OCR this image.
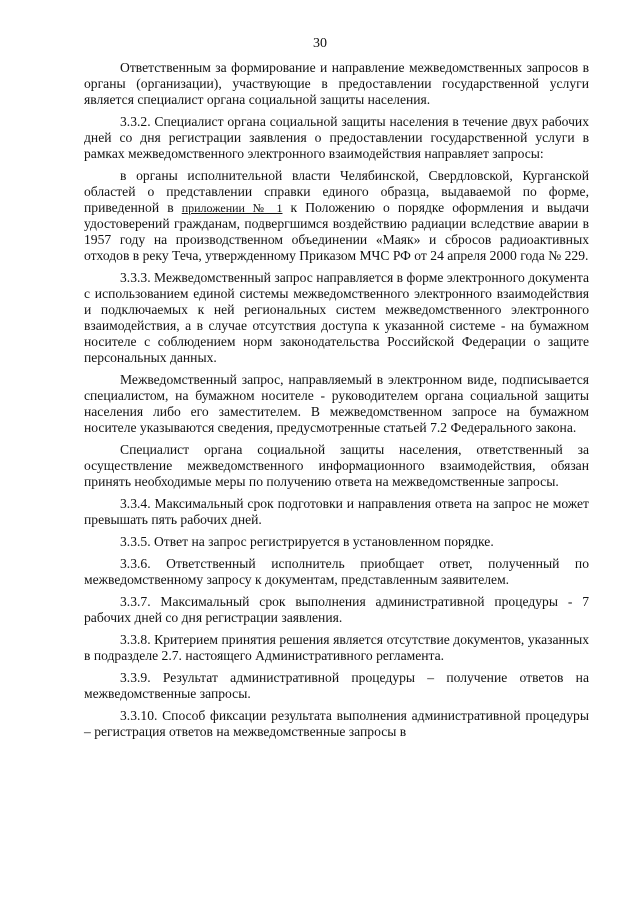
30

Ответственным за формирование и направление межведомственных запросов в органы (организации), участвующие в предоставлении государственной услуги является специалист органа социальной защиты населения.

3.3.2. Специалист органа социальной защиты населения в течение двух рабочих дней со дня регистрации заявления о предоставлении государственной услуги в рамках межведомственного электронного взаимодействия направляет запросы:

в органы исполнительной власти Челябинской, Свердловской, Курганской областей о представлении справки единого образца, выдаваемой по форме, приведенной в приложении № 1 к Положению о порядке оформления и выдачи удостоверений гражданам, подвергшимся воздействию радиации вследствие аварии в 1957 году на производственном объединении «Маяк» и сбросов радиоактивных отходов в реку Теча, утвержденному Приказом МЧС РФ от 24 апреля 2000 года № 229.

3.3.3. Межведомственный запрос направляется в форме электронного документа с использованием единой системы межведомственного электронного взаимодействия и подключаемых к ней региональных систем межведомственного электронного взаимодействия, а в случае отсутствия доступа к указанной системе - на бумажном носителе с соблюдением норм законодательства Российской Федерации о защите персональных данных.

Межведомственный запрос, направляемый в электронном виде, подписывается специалистом, на бумажном носителе - руководителем органа социальной защиты населения либо его заместителем. В межведомственном запросе на бумажном носителе указываются сведения, предусмотренные статьей 7.2 Федерального закона.

Специалист органа социальной защиты населения, ответственный за осуществление межведомственного информационного взаимодействия, обязан принять необходимые меры по получению ответа на межведомственные запросы.

3.3.4. Максимальный срок подготовки и направления ответа на запрос не может превышать пять рабочих дней.

3.3.5. Ответ на запрос регистрируется в установленном порядке.

3.3.6. Ответственный исполнитель приобщает ответ, полученный по межведомственному запросу к документам, представленным заявителем.

3.3.7. Максимальный срок выполнения административной процедуры - 7 рабочих дней со дня регистрации заявления.

3.3.8. Критерием принятия решения является отсутствие документов, указанных в подразделе 2.7. настоящего Административного регламента.

3.3.9. Результат административной процедуры – получение ответов на межведомственные запросы.

3.3.10. Способ фиксации результата выполнения административной процедуры – регистрация ответов на межведомственные запросы в
